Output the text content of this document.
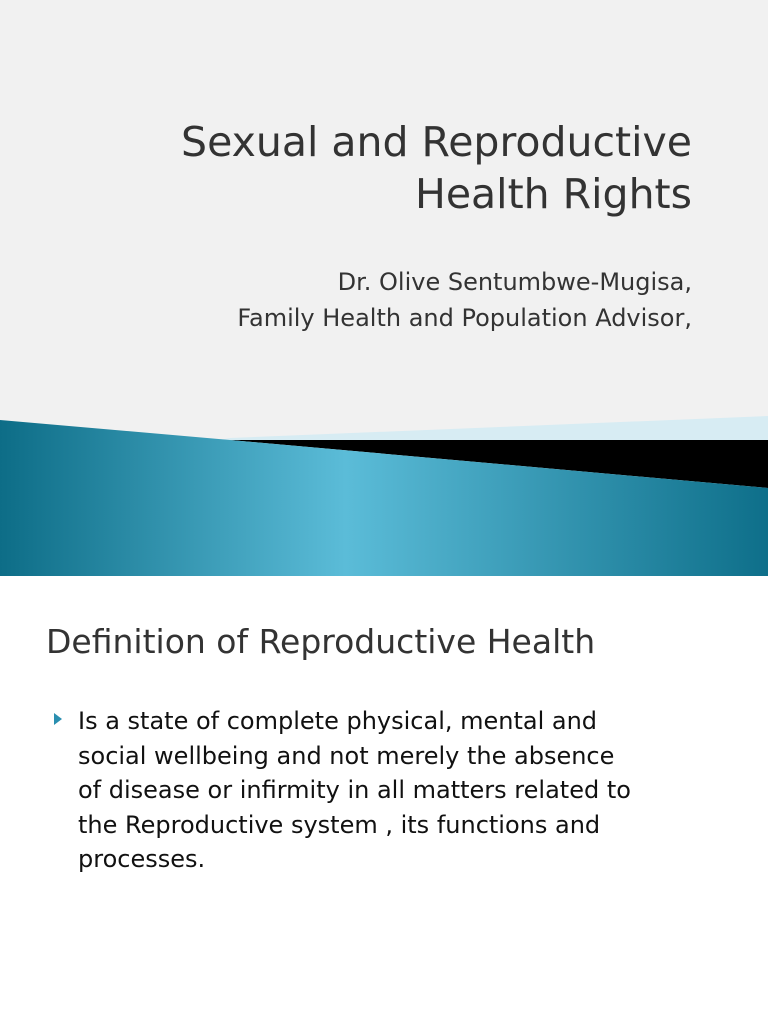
Sexual and Reproductive
Health Rights
Dr. Olive Sentumbwe-Mugisa,
Family Health and Population Advisor,
Definition of Reproductive Health
Is a state of complete physical, mental and
social wellbeing and not merely the absence
of disease or infirmity in all matters related to
the Reproductive system , its functions and
processes.
